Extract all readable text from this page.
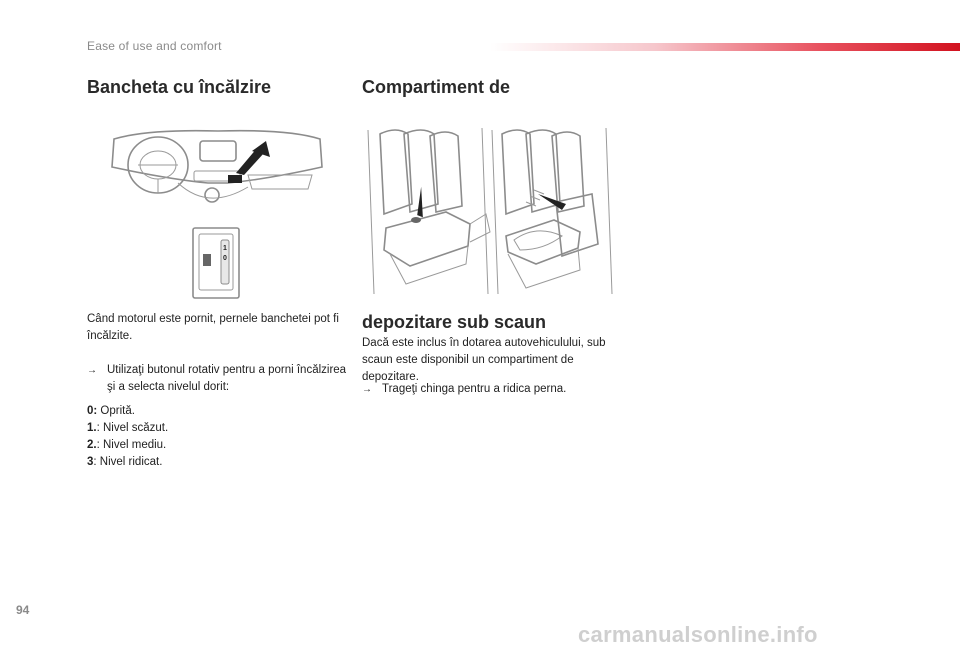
Ease of use and comfort
Bancheta cu încălzire	Compartiment de
1
0

Când motorul este pornit, pernele banchetei pot fi încălzite.

→ Utilizaţi butonul rotativ pentru a porni încălzirea şi a selecta nivelul dorit:
0: Oprită.
1.: Nivel scăzut.
2.: Nivel mediu.
3: Nivel ridicat.
depozitare sub scaun

Dacă este inclus în dotarea autovehiculului, sub scaun este disponibil un compartiment de depozitare.

→ Trageţi chinga pentru a ridica perna.
94
carmanualsonline.info
